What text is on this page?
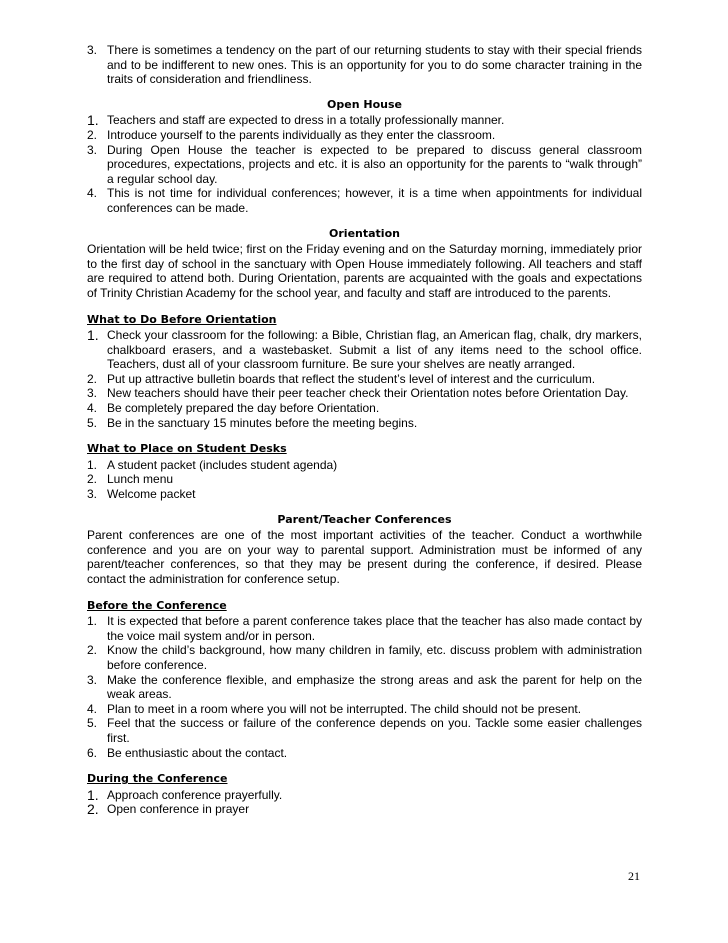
3. There is sometimes a tendency on the part of our returning students to stay with their special friends and to be indifferent to new ones. This is an opportunity for you to do some character training in the traits of consideration and friendliness.
Open House
1. Teachers and staff are expected to dress in a totally professionally manner.
2. Introduce yourself to the parents individually as they enter the classroom.
3. During Open House the teacher is expected to be prepared to discuss general classroom procedures, expectations, projects and etc. it is also an opportunity for the parents to “walk through” a regular school day.
4. This is not time for individual conferences; however, it is a time when appointments for individual conferences can be made.
Orientation

Orientation will be held twice; first on the Friday evening and on the Saturday morning, immediately prior to the first day of school in the sanctuary with Open House immediately following. All teachers and staff are required to attend both. During Orientation, parents are acquainted with the goals and expectations of Trinity Christian Academy for the school year, and faculty and staff are introduced to the parents.

What to Do Before Orientation
1. Check your classroom for the following: a Bible, Christian flag, an American flag, chalk, dry markers, chalkboard erasers, and a wastebasket. Submit a list of any items need to the school office. Teachers, dust all of your classroom furniture. Be sure your shelves are neatly arranged.
2. Put up attractive bulletin boards that reflect the student’s level of interest and the curriculum.
3. New teachers should have their peer teacher check their Orientation notes before Orientation Day.
4. Be completely prepared the day before Orientation.
5. Be in the sanctuary 15 minutes before the meeting begins.
What to Place on Student Desks
1. A student packet (includes student agenda)
2. Lunch menu
3. Welcome packet
Parent/Teacher Conferences

Parent conferences are one of the most important activities of the teacher. Conduct a worthwhile conference and you are on your way to parental support. Administration must be informed of any parent/teacher conferences, so that they may be present during the conference, if desired. Please contact the administration for conference setup.

Before the Conference
1. It is expected that before a parent conference takes place that the teacher has also made contact by the voice mail system and/or in person.
2. Know the child’s background, how many children in family, etc. discuss problem with administration before conference.
3. Make the conference flexible, and emphasize the strong areas and ask the parent for help on the weak areas.
4. Plan to meet in a room where you will not be interrupted. The child should not be present.
5. Feel that the success or failure of the conference depends on you. Tackle some easier challenges first.
6. Be enthusiastic about the contact.
During the Conference
1. Approach conference prayerfully.
2. Open conference in prayer
21
